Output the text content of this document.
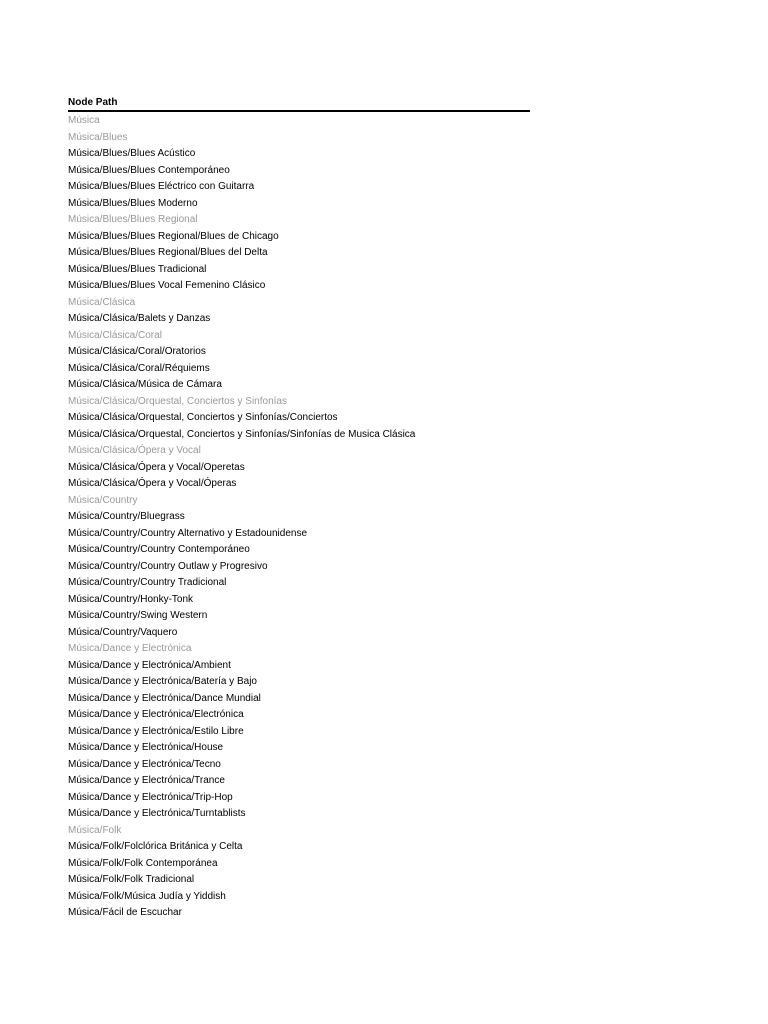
Node Path
Música
Música/Blues
Música/Blues/Blues Acústico
Música/Blues/Blues Contemporáneo
Música/Blues/Blues Eléctrico con Guitarra
Música/Blues/Blues Moderno
Música/Blues/Blues Regional
Música/Blues/Blues Regional/Blues de Chicago
Música/Blues/Blues Regional/Blues del Delta
Música/Blues/Blues Tradicional
Música/Blues/Blues Vocal Femenino Clásico
Música/Clásica
Música/Clásica/Balets y Danzas
Música/Clásica/Coral
Música/Clásica/Coral/Oratorios
Música/Clásica/Coral/Réquiems
Música/Clásica/Música de Cámara
Música/Clásica/Orquestal, Conciertos y Sinfonías
Música/Clásica/Orquestal, Conciertos y Sinfonías/Conciertos
Música/Clásica/Orquestal, Conciertos y Sinfonías/Sinfonías de Musica Clásica
Música/Clásica/Ópera y Vocal
Música/Clásica/Ópera y Vocal/Operetas
Música/Clásica/Ópera y Vocal/Óperas
Música/Country
Música/Country/Bluegrass
Música/Country/Country Alternativo y Estadounidense
Música/Country/Country Contemporáneo
Música/Country/Country Outlaw y Progresivo
Música/Country/Country Tradicional
Música/Country/Honky-Tonk
Música/Country/Swing Western
Música/Country/Vaquero
Música/Dance y Electrónica
Música/Dance y Electrónica/Ambient
Música/Dance y Electrónica/Batería y Bajo
Música/Dance y Electrónica/Dance Mundial
Música/Dance y Electrónica/Electrónica
Música/Dance y Electrónica/Estilo Libre
Música/Dance y Electrónica/House
Música/Dance y Electrónica/Tecno
Música/Dance y Electrónica/Trance
Música/Dance y Electrónica/Trip-Hop
Música/Dance y Electrónica/Turntablists
Música/Folk
Música/Folk/Folclórica Británica y Celta
Música/Folk/Folk Contemporánea
Música/Folk/Folk Tradicional
Música/Folk/Música Judía y Yiddish
Música/Fácil de Escuchar
